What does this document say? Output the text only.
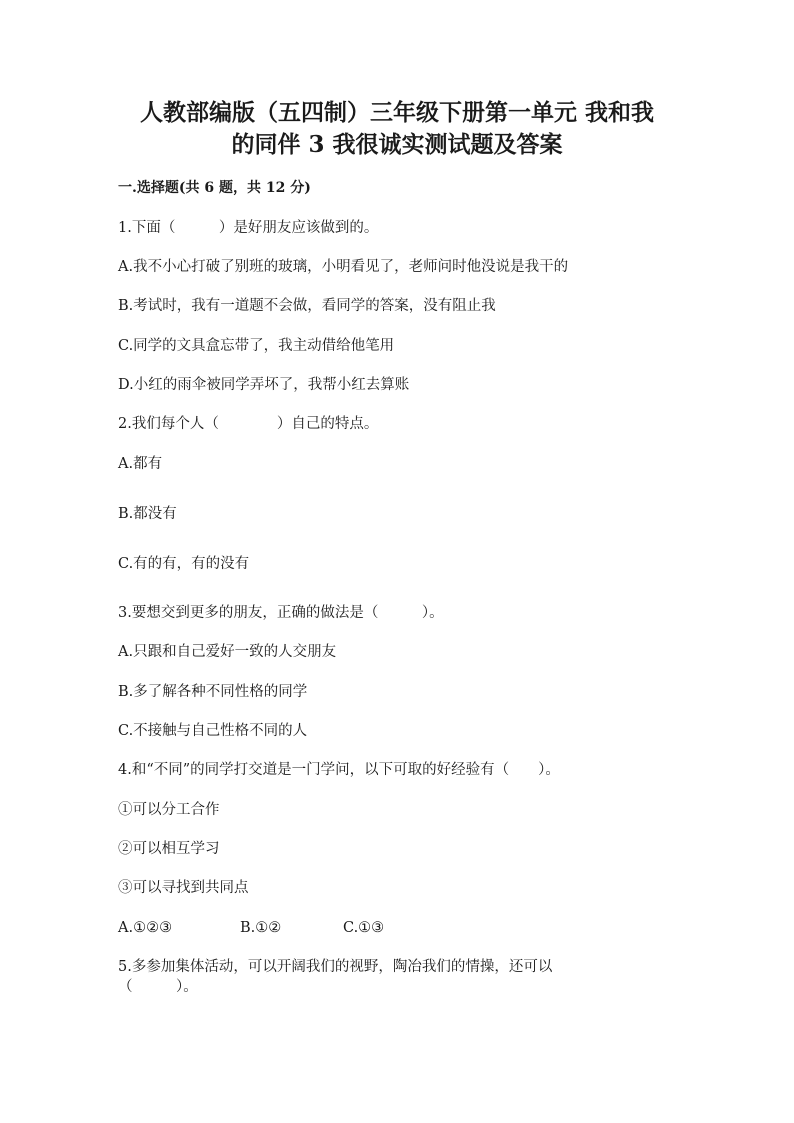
人教部编版（五四制）三年级下册第一单元 我和我
的同伴 3 我很诚实测试题及答案

一.选择题(共 6 题，共 12 分)

1.下面（　　　）是好朋友应该做到的。

A.我不小心打破了别班的玻璃，小明看见了，老师问时他没说是我干的

B.考试时，我有一道题不会做，看同学的答案，没有阻止我

C.同学的文具盒忘带了，我主动借给他笔用

D.小红的雨伞被同学弄坏了，我帮小红去算账

2.我们每个人（　　　　）自己的特点。

A.都有

B.都没有

C.有的有，有的没有

3.要想交到更多的朋友，正确的做法是（　　　）。

A.只跟和自己爱好一致的人交朋友

B.多了解各种不同性格的同学

C.不接触与自己性格不同的人

4.和“不同”的同学打交道是一门学问，以下可取的好经验有（　　）。

①可以分工合作

②可以相互学习

③可以寻找到共同点

A.①②③	B.①②	C.①③

5.多参加集体活动，可以开阔我们的视野，陶冶我们的情操，还可以

（　　　）。
